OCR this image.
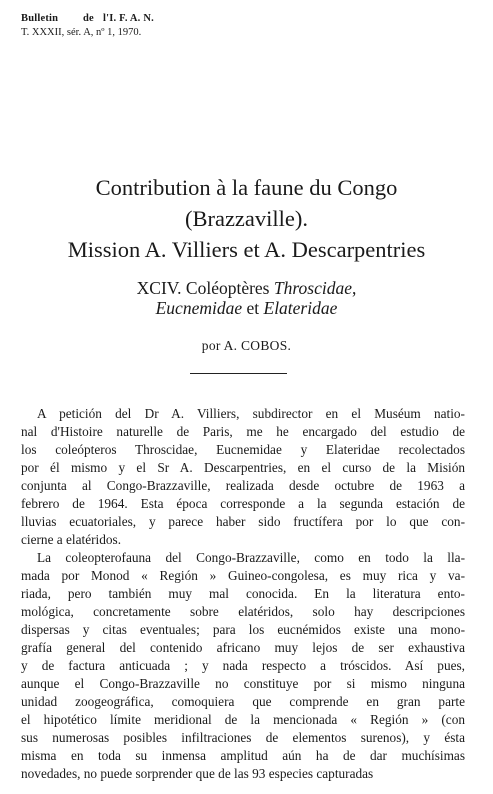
Bulletin de l'I. F. A. N.
T. XXXII, sér. A, nº 1, 1970.
Contribution à la faune du Congo
(Brazzaville).
Mission A. Villiers et A. Descarpentries
XCIV. Coléoptères Throscidae,
Eucnemidae et Elateridae
por A. COBOS.

A petición del Dr A. Villiers, subdirector en el Muséum natio-
nal d'Histoire naturelle de Paris, me he encargado del estudio de
los coleópteros Throscidae, Eucnemidae y Elateridae recolectados
por él mismo y el Sr A. Descarpentries, en el curso de la Misión
conjunta al Congo-Brazzaville, realizada desde octubre de 1963 a
febrero de 1964. Esta época corresponde a la segunda estación de
lluvias ecuatoriales, y parece haber sido fructífera por lo que con-
cierne a elatéridos.

La coleopterofauna del Congo-Brazzaville, como en todo la lla-
mada por Monod « Región » Guineo-congolesa, es muy rica y va-
riada, pero también muy mal conocida. En la literatura ento-
mológica, concretamente sobre elatéridos, solo hay descripciones
dispersas y citas eventuales; para los eucnémidos existe una mono-
grafía general del contenido africano muy lejos de ser exhaustiva
y de factura anticuada ; y nada respecto a tróscidos. Así pues,
aunque el Congo-Brazzaville no constituye por si mismo ninguna
unidad zoogeográfica, comoquiera que comprende en gran parte
el hipotético límite meridional de la mencionada « Región » (con
sus numerosas posibles infiltraciones de elementos surenos), y ésta
misma en toda su inmensa amplitud aún ha de dar muchísimas
novedades, no puede sorprender que de las 93 especies capturadas
